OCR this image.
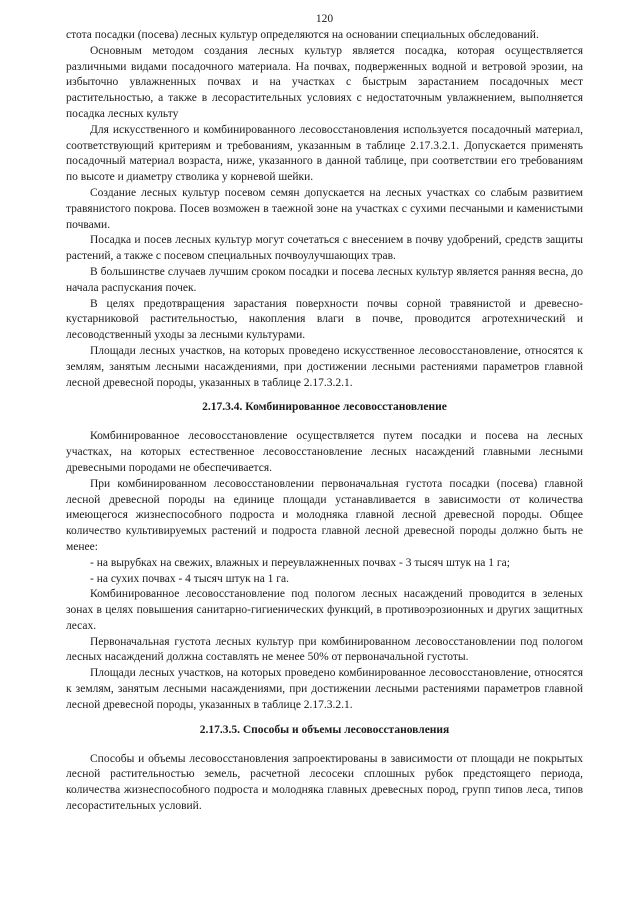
120

стота посадки (посева) лесных культур определяются на основании специальных обследований.

Основным методом создания лесных культур является посадка, которая осуществляется различными видами посадочного материала. На почвах, подверженных водной и ветровой эрозии, на избыточно увлажненных почвах и на участках с быстрым зарастанием посадочных мест растительностью, а также в лесорастительных условиях с недостаточным увлажнением, выполняется посадка лесных культу

Для искусственного и комбинированного лесовосстановления используется посадочный материал, соответствующий критериям и требованиям, указанным в таблице 2.17.3.2.1. Допускается применять посадочный материал возраста, ниже, указанного в данной таблице, при соответствии его требованиям по высоте и диаметру стволика у корневой шейки.

Создание лесных культур посевом семян допускается на лесных участках со слабым развитием травянистого покрова. Посев возможен в таежной зоне на участках с сухими песчаными и каменистыми почвами.

Посадка и посев лесных культур могут сочетаться с внесением в почву удобрений, средств защиты растений, а также с посевом специальных почвоулучшающих трав.

В большинстве случаев лучшим сроком посадки и посева лесных культур является ранняя весна, до начала распускания почек.

В целях предотвращения зарастания поверхности почвы сорной травянистой и древесно-кустарниковой растительностью, накопления влаги в почве, проводится агротехнический и лесоводственный уходы за лесными культурами.

Площади лесных участков, на которых проведено искусственное лесовосстановление, относятся к землям, занятым лесными насаждениями, при достижении лесными растениями параметров главной лесной древесной породы, указанных в таблице 2.17.3.2.1.

2.17.3.4. Комбинированное лесовосстановление

Комбинированное лесовосстановление осуществляется путем посадки и посева на лесных участках, на которых естественное лесовосстановление лесных насаждений главными лесными древесными породами не обеспечивается.

При комбинированном лесовосстановлении первоначальная густота посадки (посева) главной лесной древесной породы на единице площади устанавливается в зависимости от количества имеющегося жизнеспособного подроста и молодняка главной лесной древесной породы. Общее количество культивируемых растений и подроста главной лесной древесной породы должно быть не менее:

- на вырубках на свежих, влажных и переувлажненных почвах - 3 тысяч штук на 1 га;

- на сухих почвах - 4 тысяч штук на 1 га.

Комбинированное лесовосстановление под пологом лесных насаждений проводится в зеленых зонах в целях повышения санитарно-гигиенических функций, в противоэрозионных и других защитных лесах.

Первоначальная густота лесных культур при комбинированном лесовосстановлении под пологом лесных насаждений должна составлять не менее 50% от первоначальной густоты.

Площади лесных участков, на которых проведено комбинированное лесовосстановление, относятся к землям, занятым лесными насаждениями, при достижении лесными растениями параметров главной лесной древесной породы, указанных в таблице 2.17.3.2.1.

2.17.3.5. Способы и объемы лесовосстановления

Способы и объемы лесовосстановления запроектированы в зависимости от площади не покрытых лесной растительностью земель, расчетной лесосеки сплошных рубок предстоящего периода, количества жизнеспособного подроста и молодняка главных древесных пород, групп типов леса, типов лесорастительных условий.
